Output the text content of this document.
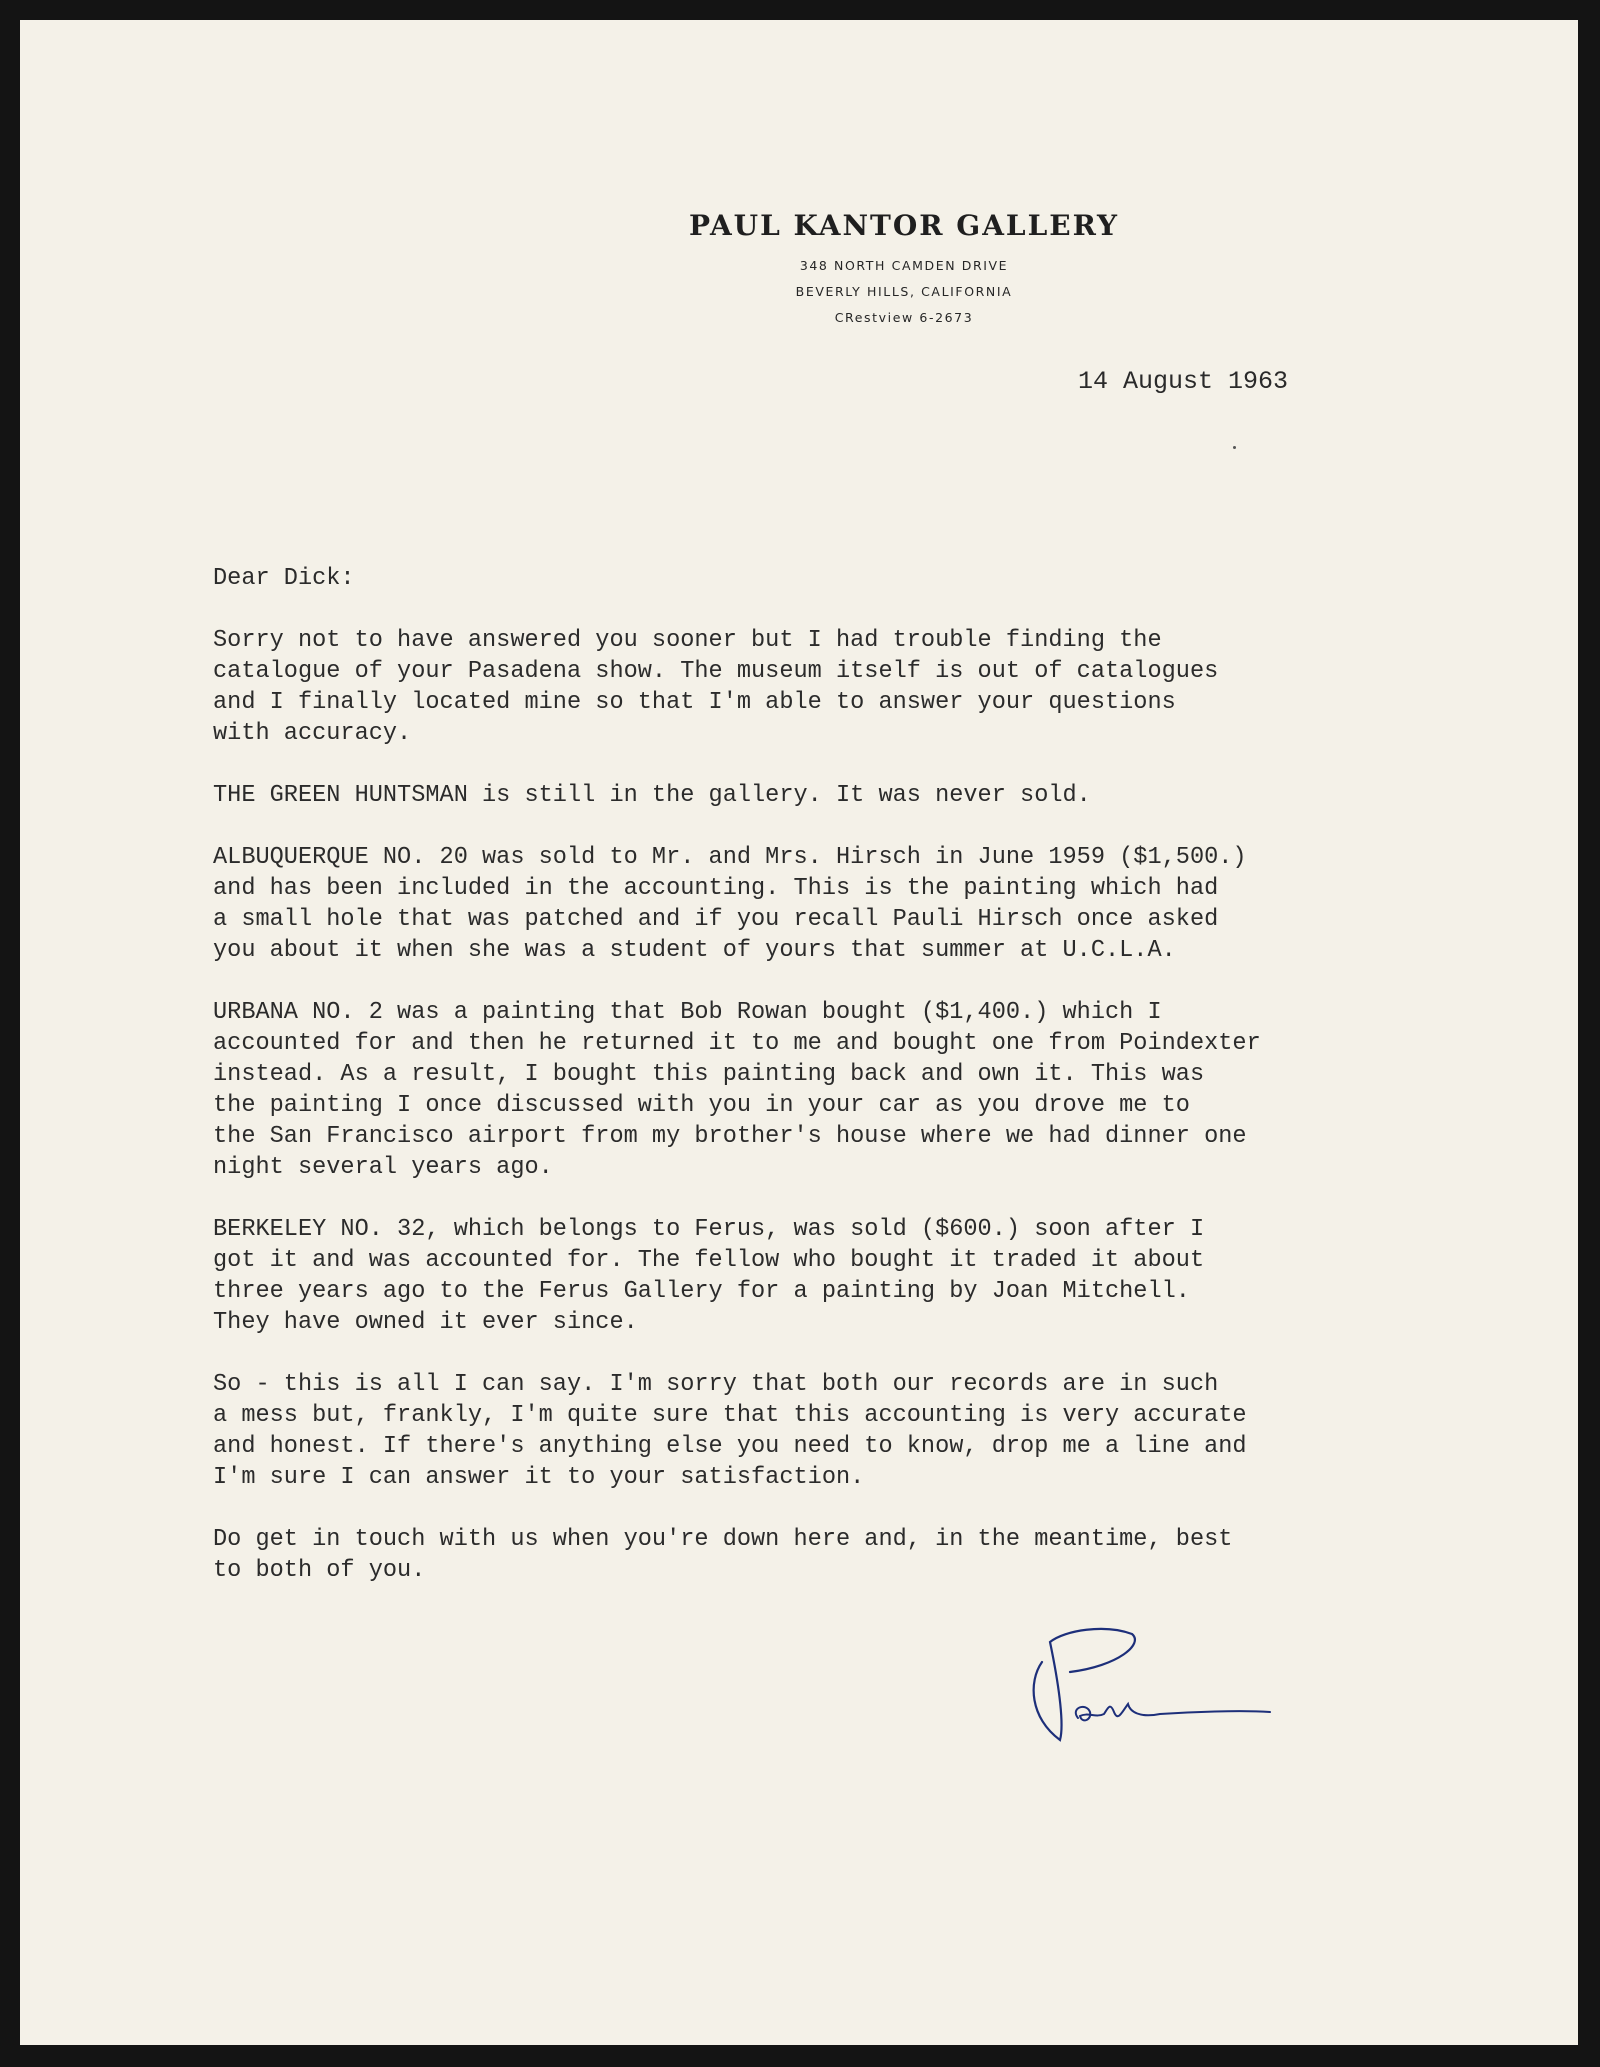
PAUL KANTOR GALLERY
348 NORTH CAMDEN DRIVE
BEVERLY HILLS, CALIFORNIA
CRestview 6-2673
14 August 1963

Dear Dick:

Sorry not to have answered you sooner but I had trouble finding the

catalogue of your Pasadena show. The museum itself is out of catalogues

and I finally located mine so that I'm able to answer your questions

with accuracy.

THE GREEN HUNTSMAN is still in the gallery. It was never sold.

ALBUQUERQUE NO. 20 was sold to Mr. and Mrs. Hirsch in June 1959 ($1,500.)

and has been included in the accounting. This is the painting which had

a small hole that was patched and if you recall Pauli Hirsch once asked

you about it when she was a student of yours that summer at U.C.L.A.

URBANA NO. 2 was a painting that Bob Rowan bought ($1,400.) which I

accounted for and then he returned it to me and bought one from Poindexter

instead. As a result, I bought this painting back and own it. This was

the painting I once discussed with you in your car as you drove me to

the San Francisco airport from my brother's house where we had dinner one

night several years ago.

BERKELEY NO. 32, which belongs to Ferus, was sold ($600.) soon after I

got it and was accounted for. The fellow who bought it traded it about

three years ago to the Ferus Gallery for a painting by Joan Mitchell.

They have owned it ever since.

So - this is all I can say. I'm sorry that both our records are in such

a mess but, frankly, I'm quite sure that this accounting is very accurate

and honest. If there's anything else you need to know, drop me a line and

I'm sure I can answer it to your satisfaction.

Do get in touch with us when you're down here and, in the meantime, best

to both of you.
